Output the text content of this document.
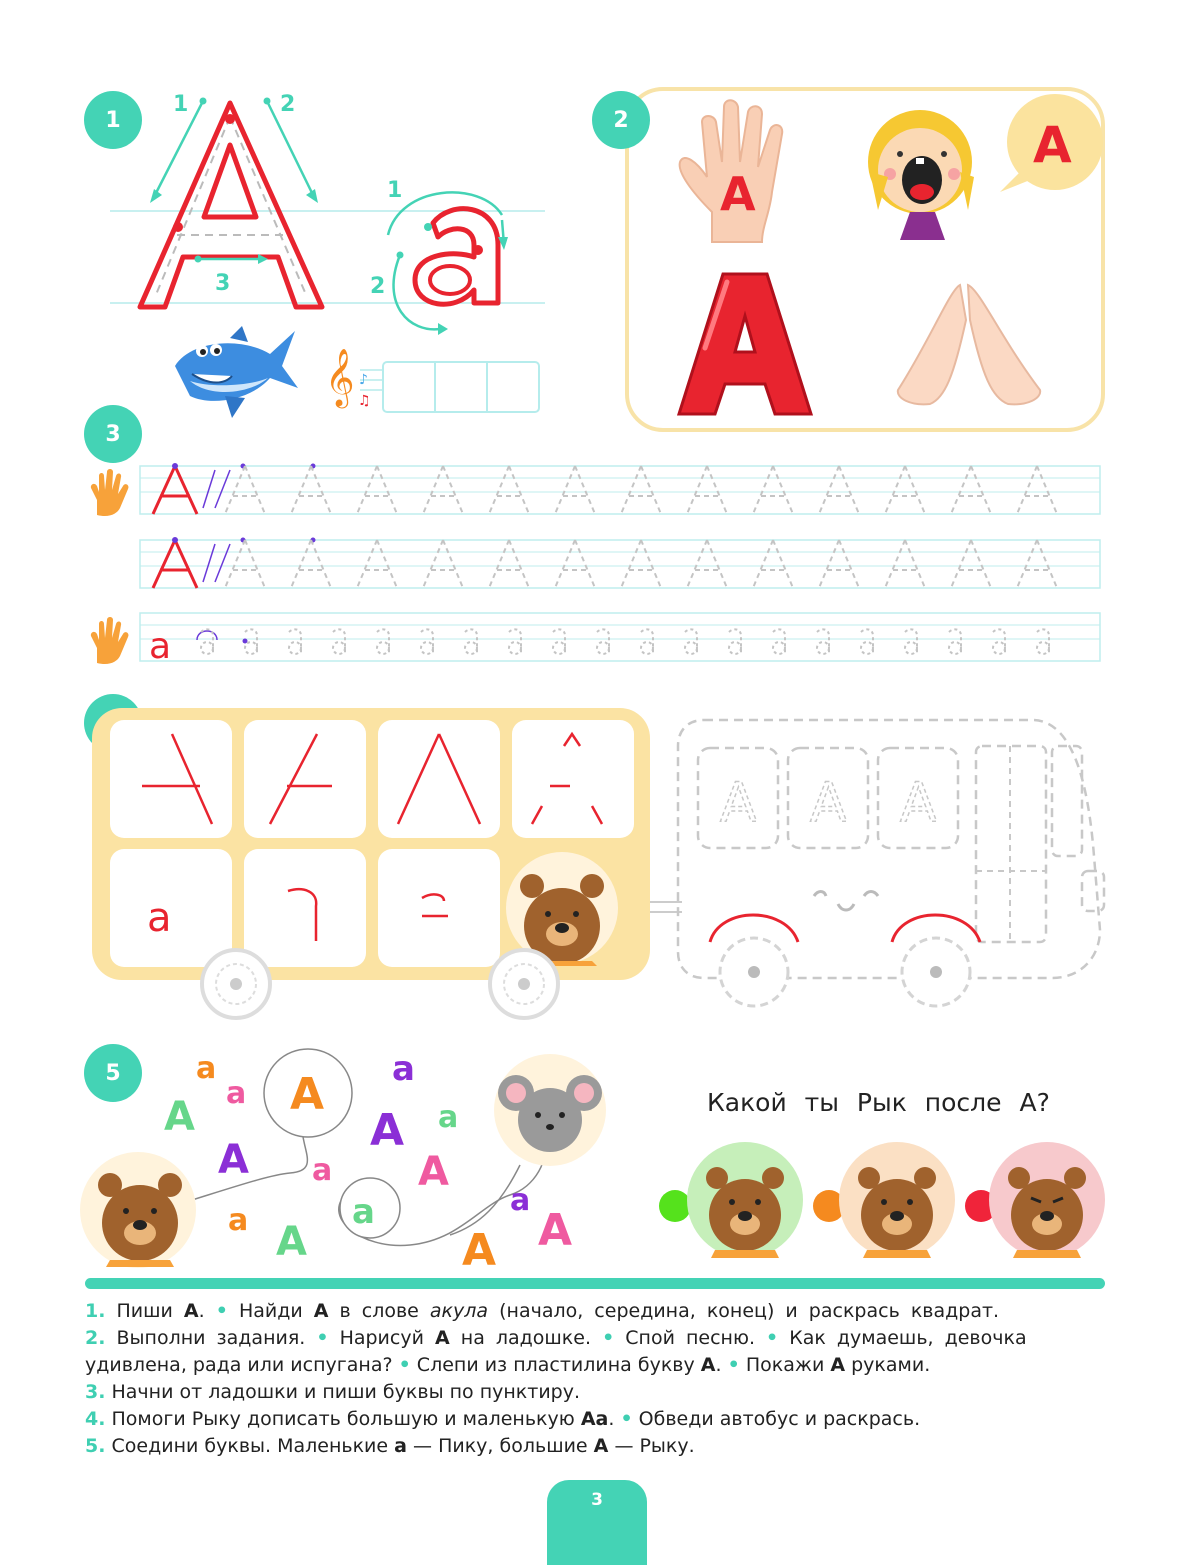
1
1	2
3
1
2
𝄞 ♪
♫
2
A
A
3
a
a
A A A
5	a
a
A A
A a
a A
a
a
A a
A
a
A A
Какой ты Рык после А?
1. Пиши А. • Найди А в слове акула (начало, середина, конец) и раскрась квадрат.
2. Выполни задания. • Нарисуй А на ладошке. • Спой песню. • Как думаешь, девочка
удивлена, рада или испугана? • Слепи из пластилина букву А. • Покажи А руками.
3. Начни от ладошки и пиши буквы по пунктиру.
4. Помоги Рыку дописать большую и маленькую Аа. • Обведи автобус и раскрась.
5. Соедини буквы. Маленькие а — Пику, большие А — Рыку.
3
